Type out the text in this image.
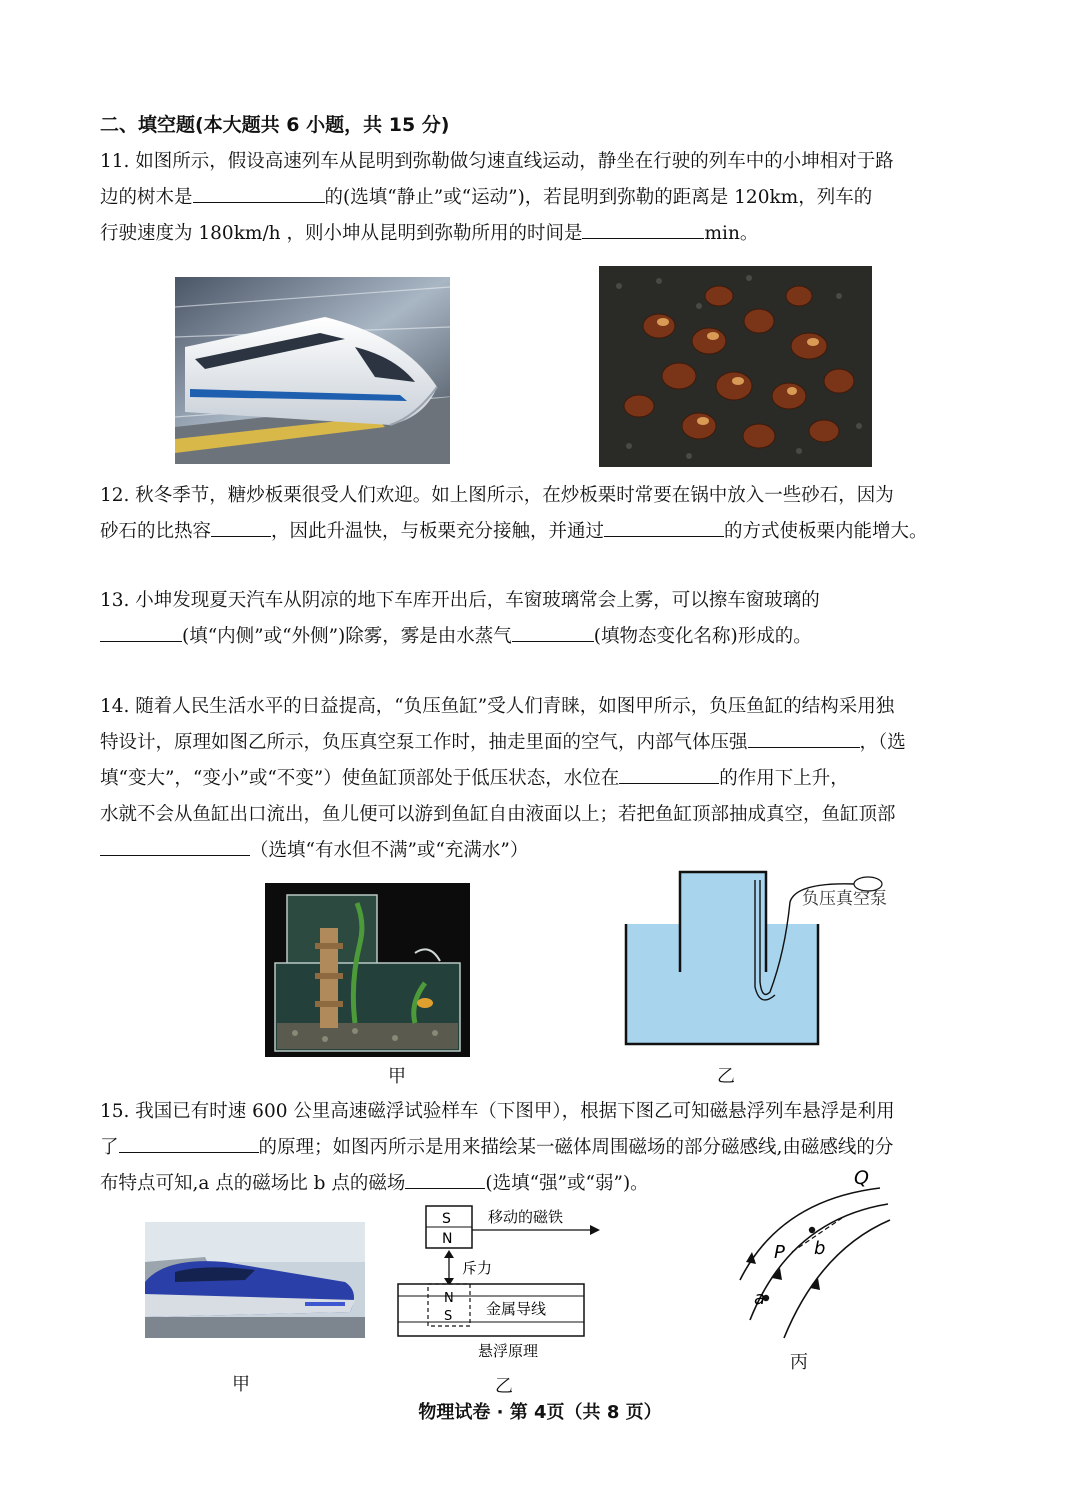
二、填空题(本大题共 6 小题，共 15 分)
11. 如图所示，假设高速列车从昆明到弥勒做匀速直线运动，静坐在行驶的列车中的小坤相对于路
边的树木是	的(选填“静止”或“运动”)，若昆明到弥勒的距离是 120km，列车的
行驶速度为 180km/h ，则小坤从昆明到弥勒所用的时间是	min。
12. 秋冬季节，糖炒板栗很受人们欢迎。如上图所示，在炒板栗时常要在锅中放入一些砂石，因为
砂石的比热容	，因此升温快，与板栗充分接触，并通过	的方式使板栗内能增大。
13. 小坤发现夏天汽车从阴凉的地下车库开出后，车窗玻璃常会上雾，可以擦车窗玻璃的
(填“内侧”或“外侧”)除雾，雾是由水蒸气	(填物态变化名称)形成的。
14. 随着人民生活水平的日益提高，“负压鱼缸”受人们青睐，如图甲所示，负压鱼缸的结构采用独
特设计，原理如图乙所示，负压真空泵工作时，抽走里面的空气，内部气体压强	，（选
填“变大”，“变小”或“不变”）使鱼缸顶部处于低压状态，水位在	的作用下上升，
水就不会从鱼缸出口流出，鱼儿便可以游到鱼缸自由液面以上；若把鱼缸顶部抽成真空，鱼缸顶部
（选填“有水但不满”或“充满水”）
甲
负压真空泵
乙
15. 我国已有时速 600 公里高速磁浮试验样车（下图甲），根据下图乙可知磁悬浮列车悬浮是利用
了	的原理；如图丙所示是用来描绘某一磁体周围磁场的部分磁感线,由磁感线的分
布特点可知,a 点的磁场比 b 点的磁场	(选填“强”或“弱”)。
甲
S
N
移动的磁铁
斥力
N
S 金属导线
悬浮原理
乙
Q
P b
a
丙
物理试卷 · 第 4页（共 8 页）
